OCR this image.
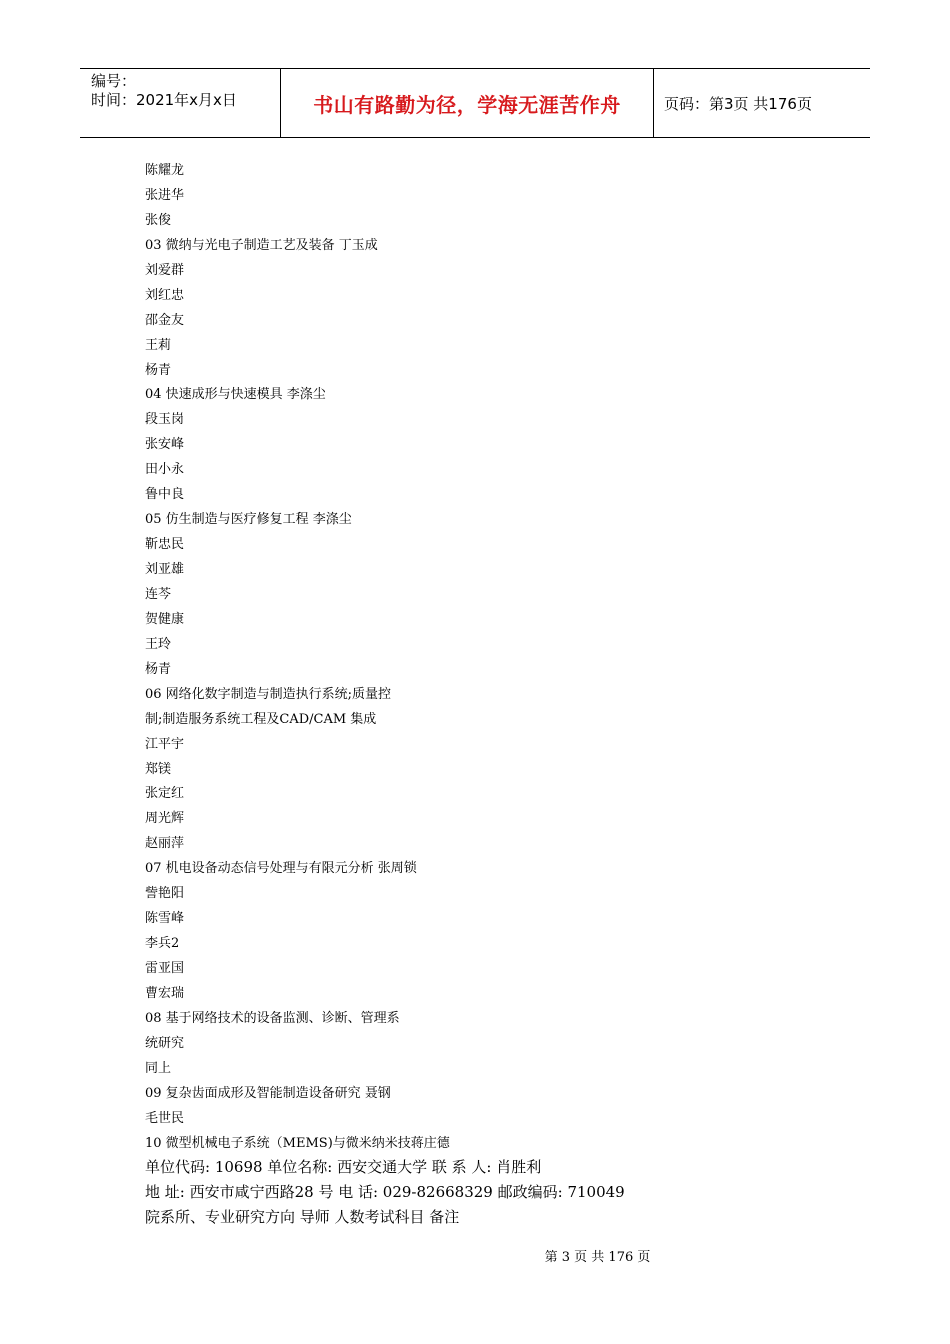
编号：
时间：2021年x月x日	书山有路勤为径，学海无涯苦作舟	页码：第3页 共176页
陈耀龙
张进华
张俊
03 微纳与光电子制造工艺及装备 丁玉成
刘爱群
刘红忠
邵金友
王莉
杨青
04 快速成形与快速模具 李涤尘
段玉岗
张安峰
田小永
鲁中良
05 仿生制造与医疗修复工程 李涤尘
靳忠民
刘亚雄
连芩
贺健康
王玲
杨青
06 网络化数字制造与制造执行系统;质量控
制;制造服务系统工程及CAD/CAM 集成
江平宇
郑镁
张定红
周光辉
赵丽萍
07 机电设备动态信号处理与有限元分析 张周锁
訾艳阳
陈雪峰
李兵2
雷亚国
曹宏瑞
08 基于网络技术的设备监测、诊断、管理系
统研究
同上
09 复杂齿面成形及智能制造设备研究 聂钢
毛世民
10 微型机械电子系统（MEMS)与微米纳米技蒋庄德
单位代码: 10698 单位名称: 西安交通大学 联 系 人: 肖胜利
地 址: 西安市咸宁西路28 号 电 话: 029-82668329 邮政编码: 710049
院系所、专业研究方向 导师 人数考试科目 备注
第 3 页 共 176 页
